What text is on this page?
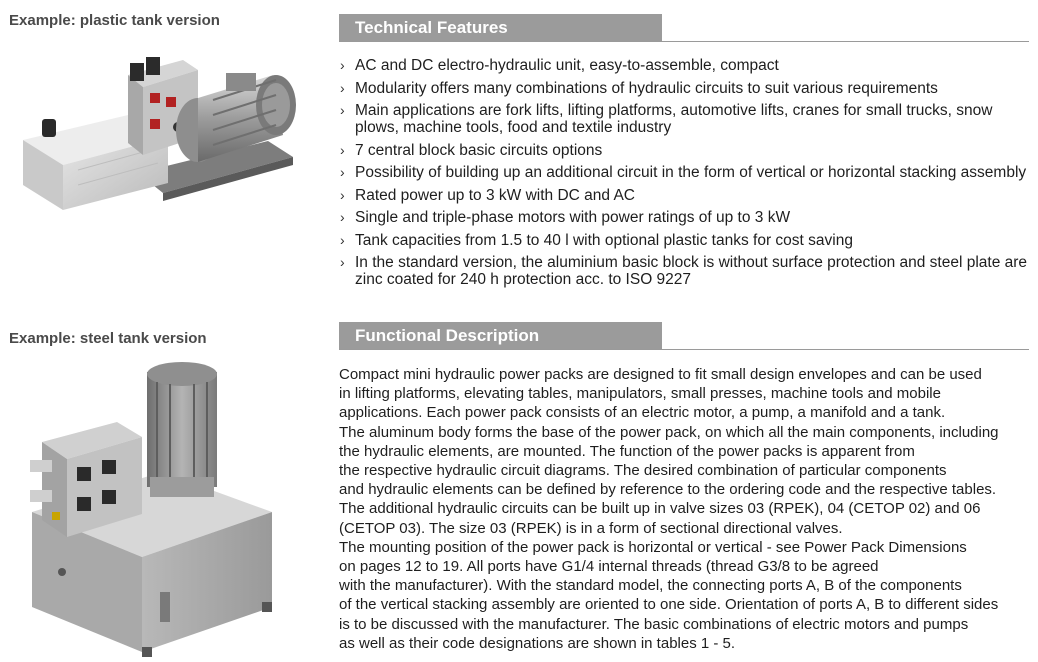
Example: plastic tank version
Example: steel tank version
Technical Features
› AC and DC electro-hydraulic unit, easy-to-assemble, compact
› Modularity offers many combinations of hydraulic circuits to suit various requirements
› Main applications are fork lifts, lifting platforms, automotive lifts, cranes for small trucks, snow plows, machine tools, food and textile industry
› 7 central block basic circuits options
› Possibility of building up an additional circuit in the form of vertical or horizontal stacking assembly
› Rated power up to 3 kW with DC and AC
› Single and triple-phase motors with power ratings of up to 3 kW
› Tank capacities from 1.5 to 40 l with optional plastic tanks for cost saving
› In the standard version, the aluminium basic block is without surface protection and steel plate are zinc coated for 240 h protection acc. to ISO 9227
Functional Description

Compact mini hydraulic power packs are designed to fit small design envelopes and can be used
in lifting platforms, elevating tables, manipulators, small presses, machine tools and mobile
applications. Each power pack consists of an electric motor, a pump, a manifold and a tank.
The aluminum body forms the base of the power pack, on which all the main components, including
the hydraulic elements, are mounted. The function of the power packs is apparent from
the respective hydraulic circuit diagrams. The desired combination of particular components
and hydraulic elements can be defined by reference to the ordering code and the respective tables.
The additional hydraulic circuits can be built up in valve sizes 03 (RPEK), 04 (CETOP 02) and 06
(CETOP 03). The size 03 (RPEK) is in a form of sectional directional valves.
The mounting position of the power pack is horizontal or vertical - see Power Pack Dimensions
on pages 12 to 19. All ports have G1/4 internal threads (thread G3/8 to be agreed
with the manufacturer). With the standard model, the connecting ports A, B of the components
of the vertical stacking assembly are oriented to one side. Orientation of ports A, B to different sides
is to be discussed with the manufacturer. The basic combinations of electric motors and pumps
as well as their code designations are shown in tables 1 - 5.
